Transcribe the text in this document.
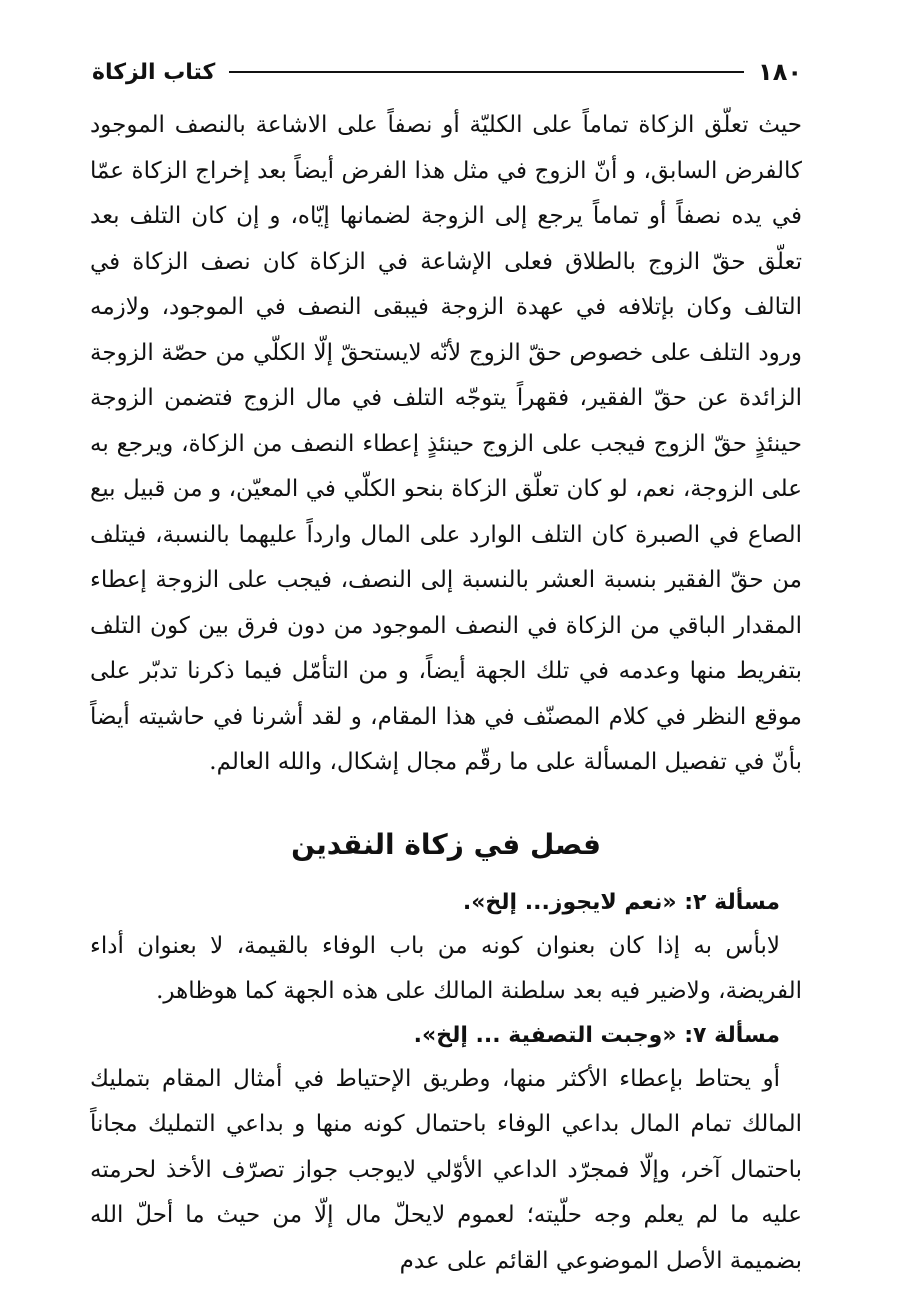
١٨٠
كتاب الزكاة

حيث تعلّق الزكاة تماماً على الكليّة أو نصفاً على الاشاعة بالنصف الموجود كالفرض السابق، و أنّ الزوج في مثل هذا الفرض أيضاً بعد إخراج الزكاة عمّا في يده نصفاً أو تماماً يرجع إلى الزوجة لضمانها إيّاه، و إن كان التلف بعد تعلّق حقّ الزوج بالطلاق فعلى الإشاعة في الزكاة كان نصف الزكاة في التالف وكان بإتلافه في عهدة الزوجة فيبقى النصف في الموجود، ولازمه ورود التلف على خصوص حقّ الزوج لأنّه لايستحقّ إلّا الكلّي من حصّة الزوجة الزائدة عن حقّ الفقير، فقهراً يتوجّه التلف في مال الزوج فتضمن الزوجة حينئذٍ حقّ الزوج فيجب على الزوج حينئذٍ إعطاء النصف من الزكاة، ويرجع به على الزوجة، نعم، لو كان تعلّق الزكاة بنحو الكلّي في المعيّن، و من قبيل بيع الصاع في الصبرة كان التلف الوارد على المال وارداً عليهما بالنسبة، فيتلف من حقّ الفقير بنسبة العشر بالنسبة إلى النصف، فيجب على الزوجة إعطاء المقدار الباقي من الزكاة في النصف الموجود من دون فرق بين كون التلف بتفريط منها وعدمه في تلك الجهة أيضاً، و من التأمّل فيما ذكرنا تدبّر على موقع النظر في كلام المصنّف في هذا المقام، و لقد أشرنا في حاشيته أيضاً بأنّ في تفصيل المسألة على ما رقّم مجال إشكال، والله العالم.

فصل في زكاة النقدين

مسألة ٢: «نعم لايجوز... إلخ».

لابأس به إذا كان بعنوان كونه من باب الوفاء بالقيمة، لا بعنوان أداء الفريضة، ولاضير فيه بعد سلطنة المالك على هذه الجهة كما هوظاهر.

مسألة ٧: «وجبت التصفية ... إلخ».

أو يحتاط بإعطاء الأكثر منها، وطريق الإحتياط في أمثال المقام بتمليك المالك تمام المال بداعي الوفاء باحتمال كونه منها و بداعي التمليك مجاناً باحتمال آخر، وإلّا فمجرّد الداعي الأوّلي لايوجب جواز تصرّف الأخذ لحرمته عليه ما لم يعلم وجه حلّيته؛ لعموم لايحلّ مال إلّا من حيث ما أحلّ الله بضميمة الأصل الموضوعي القائم على عدم
